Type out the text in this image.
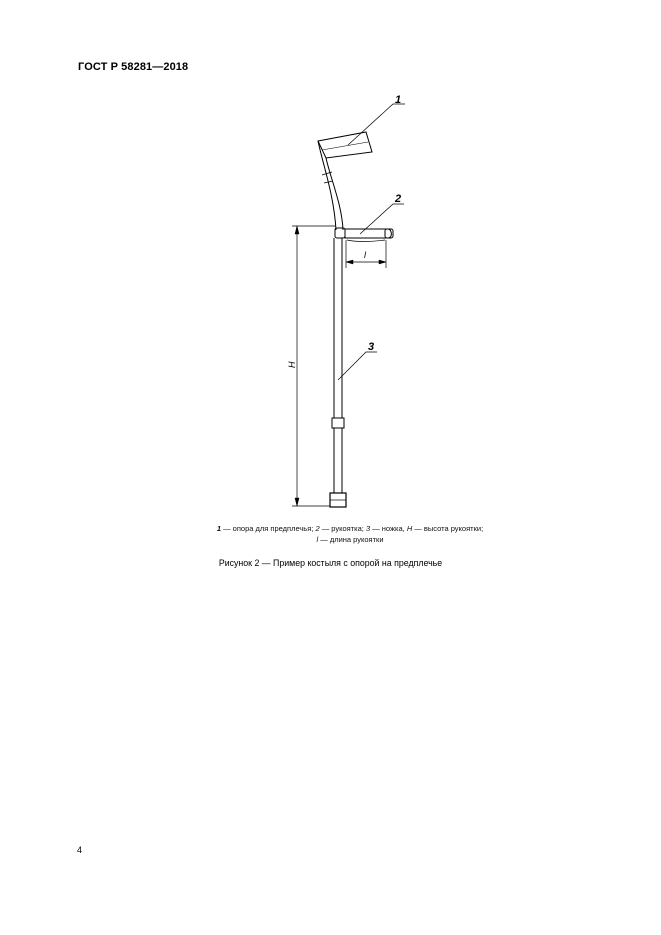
ГОСТ Р 58281—2018
1
2
3
H
l
1 — опора для предплечья; 2 — рукоятка; 3 — ножка, H — высота рукоятки;
l — длина рукоятки
Рисунок 2 — Пример костыля с опорой на предплечье
4
